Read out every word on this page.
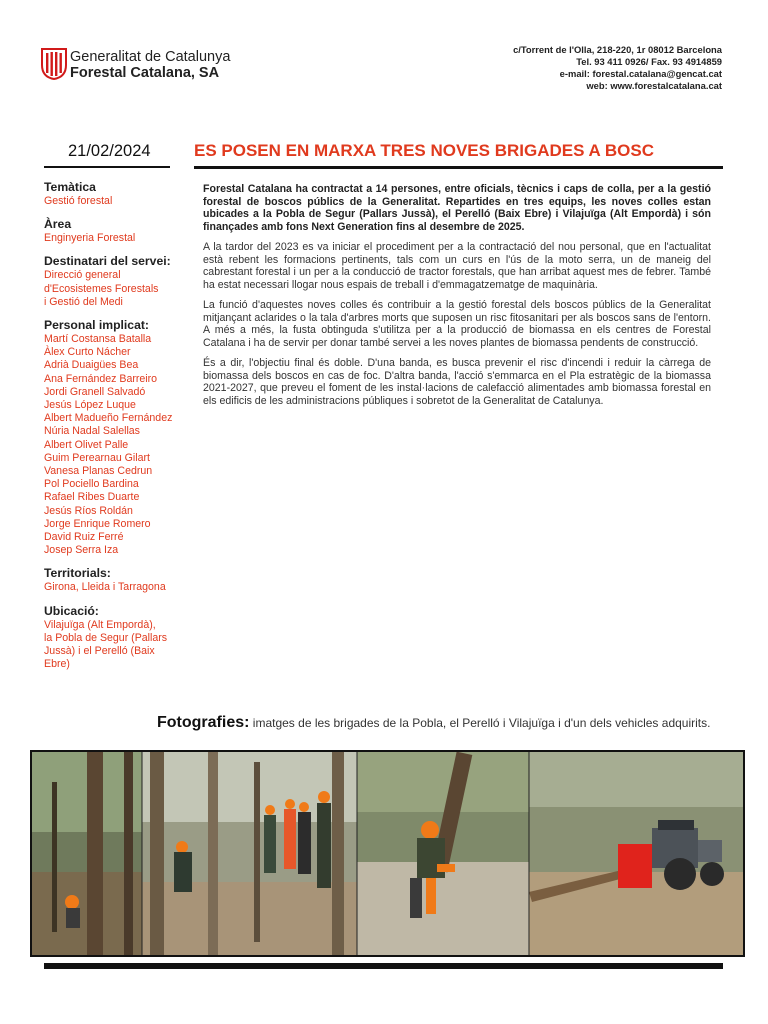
Generalitat de Catalunya
Forestal Catalana, SA
c/Torrent de l'Olla, 218-220, 1r 08012 Barcelona
Tel. 93 411 0926/ Fax. 93 4914859
e-mail: forestal.catalana@gencat.cat
web: www.forestalcatalana.cat
21/02/2024	ES POSEN EN MARXA TRES NOVES BRIGADES A BOSC
Temàtica
Gestió forestal
Àrea
Enginyeria Forestal
Destinatari del servei:
Direcció general
d'Ecosistemes Forestals
i Gestió del Medi
Personal implicat:
Martí Costansa Batalla
Àlex Curto Nácher
Adrià Duaigües Bea
Ana Fernández Barreiro
Jordi Granell Salvadó
Jesús López Luque
Albert Madueño Fernández
Núria Nadal Salellas
Albert Olivet Palle
Guim Perearnau Gilart
Vanesa Planas Cedrun
Pol Pociello Bardina
Rafael Ribes Duarte
Jesús Ríos Roldán
Jorge Enrique Romero
David Ruiz Ferré
Josep Serra Iza
Territorials:
Girona, Lleida i Tarragona
Ubicació:
Vilajuïga (Alt Empordà),
la Pobla de Segur (Pallars
Jussà) i el Perelló (Baix
Ebre)

Forestal Catalana ha contractat a 14 persones, entre oficials, tècnics i caps de colla, per a la gestió forestal de boscos públics de la Generalitat. Repartides en tres equips, les noves colles estan ubicades a la Pobla de Segur (Pallars Jussà), el Perelló (Baix Ebre) i Vilajuïga (Alt Empordà) i són finançades amb fons Next Generation fins al desembre de 2025.

A la tardor del 2023 es va iniciar el procediment per a la contractació del nou personal, que en l'actualitat està rebent les formacions pertinents, tals com un curs en l'ús de la moto serra, un de maneig del cabrestant forestal i un per a la conducció de tractor forestals, que han arribat aquest mes de febrer. També ha estat necessari llogar nous espais de treball i d'emmagatzematge de maquinària.

La funció d'aquestes noves colles és contribuir a la gestió forestal dels boscos públics de la Generalitat mitjançant aclarides o la tala d'arbres morts que suposen un risc fitosanitari per als boscos sans de l'entorn. A més a més, la fusta obtinguda s'utilitza per a la producció de biomassa en els centres de Forestal Catalana i ha de servir per donar també servei a les noves plantes de biomassa pendents de construcció.

És a dir, l'objectiu final és doble. D'una banda, es busca prevenir el risc d'incendi i reduir la càrrega de biomassa dels boscos en cas de foc. D'altra banda, l'acció s'emmarca en el Pla estratègic de la biomassa 2021-2027, que preveu el foment de les instal·lacions de calefacció alimentades amb biomassa forestal en els edificis de les administracions públiques i sobretot de la Generalitat de Catalunya.

Fotografies: imatges de les brigades de la Pobla, el Perelló i Vilajuïga i d'un dels vehicles adquirits.
